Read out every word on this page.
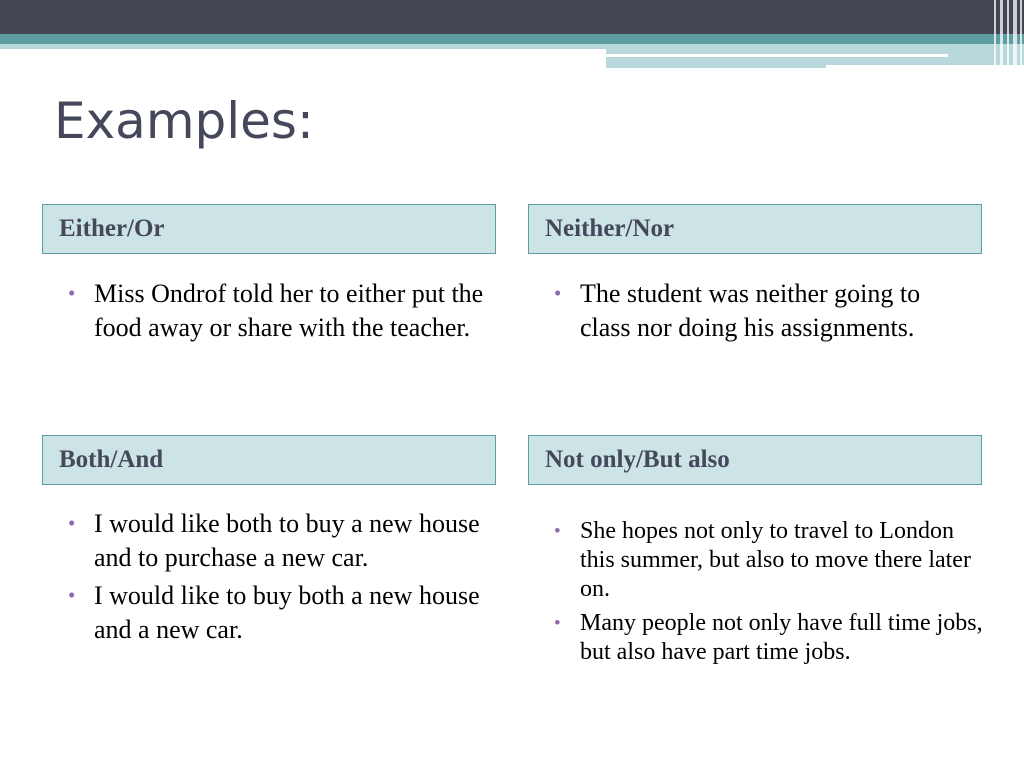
Examples:
Either/Or	Neither/Nor
Both/And	Not only/But also
• Miss Ondrof told her to either put the food away or share with the teacher.
• The student was neither going to class nor doing his assignments.
• I would like both to buy a new house and to purchase a new car.
• I would like to buy both a new house and a new car.
• She hopes not only to travel to London this summer, but also to move there later on.
• Many people not only have full time jobs, but also have part time jobs.
